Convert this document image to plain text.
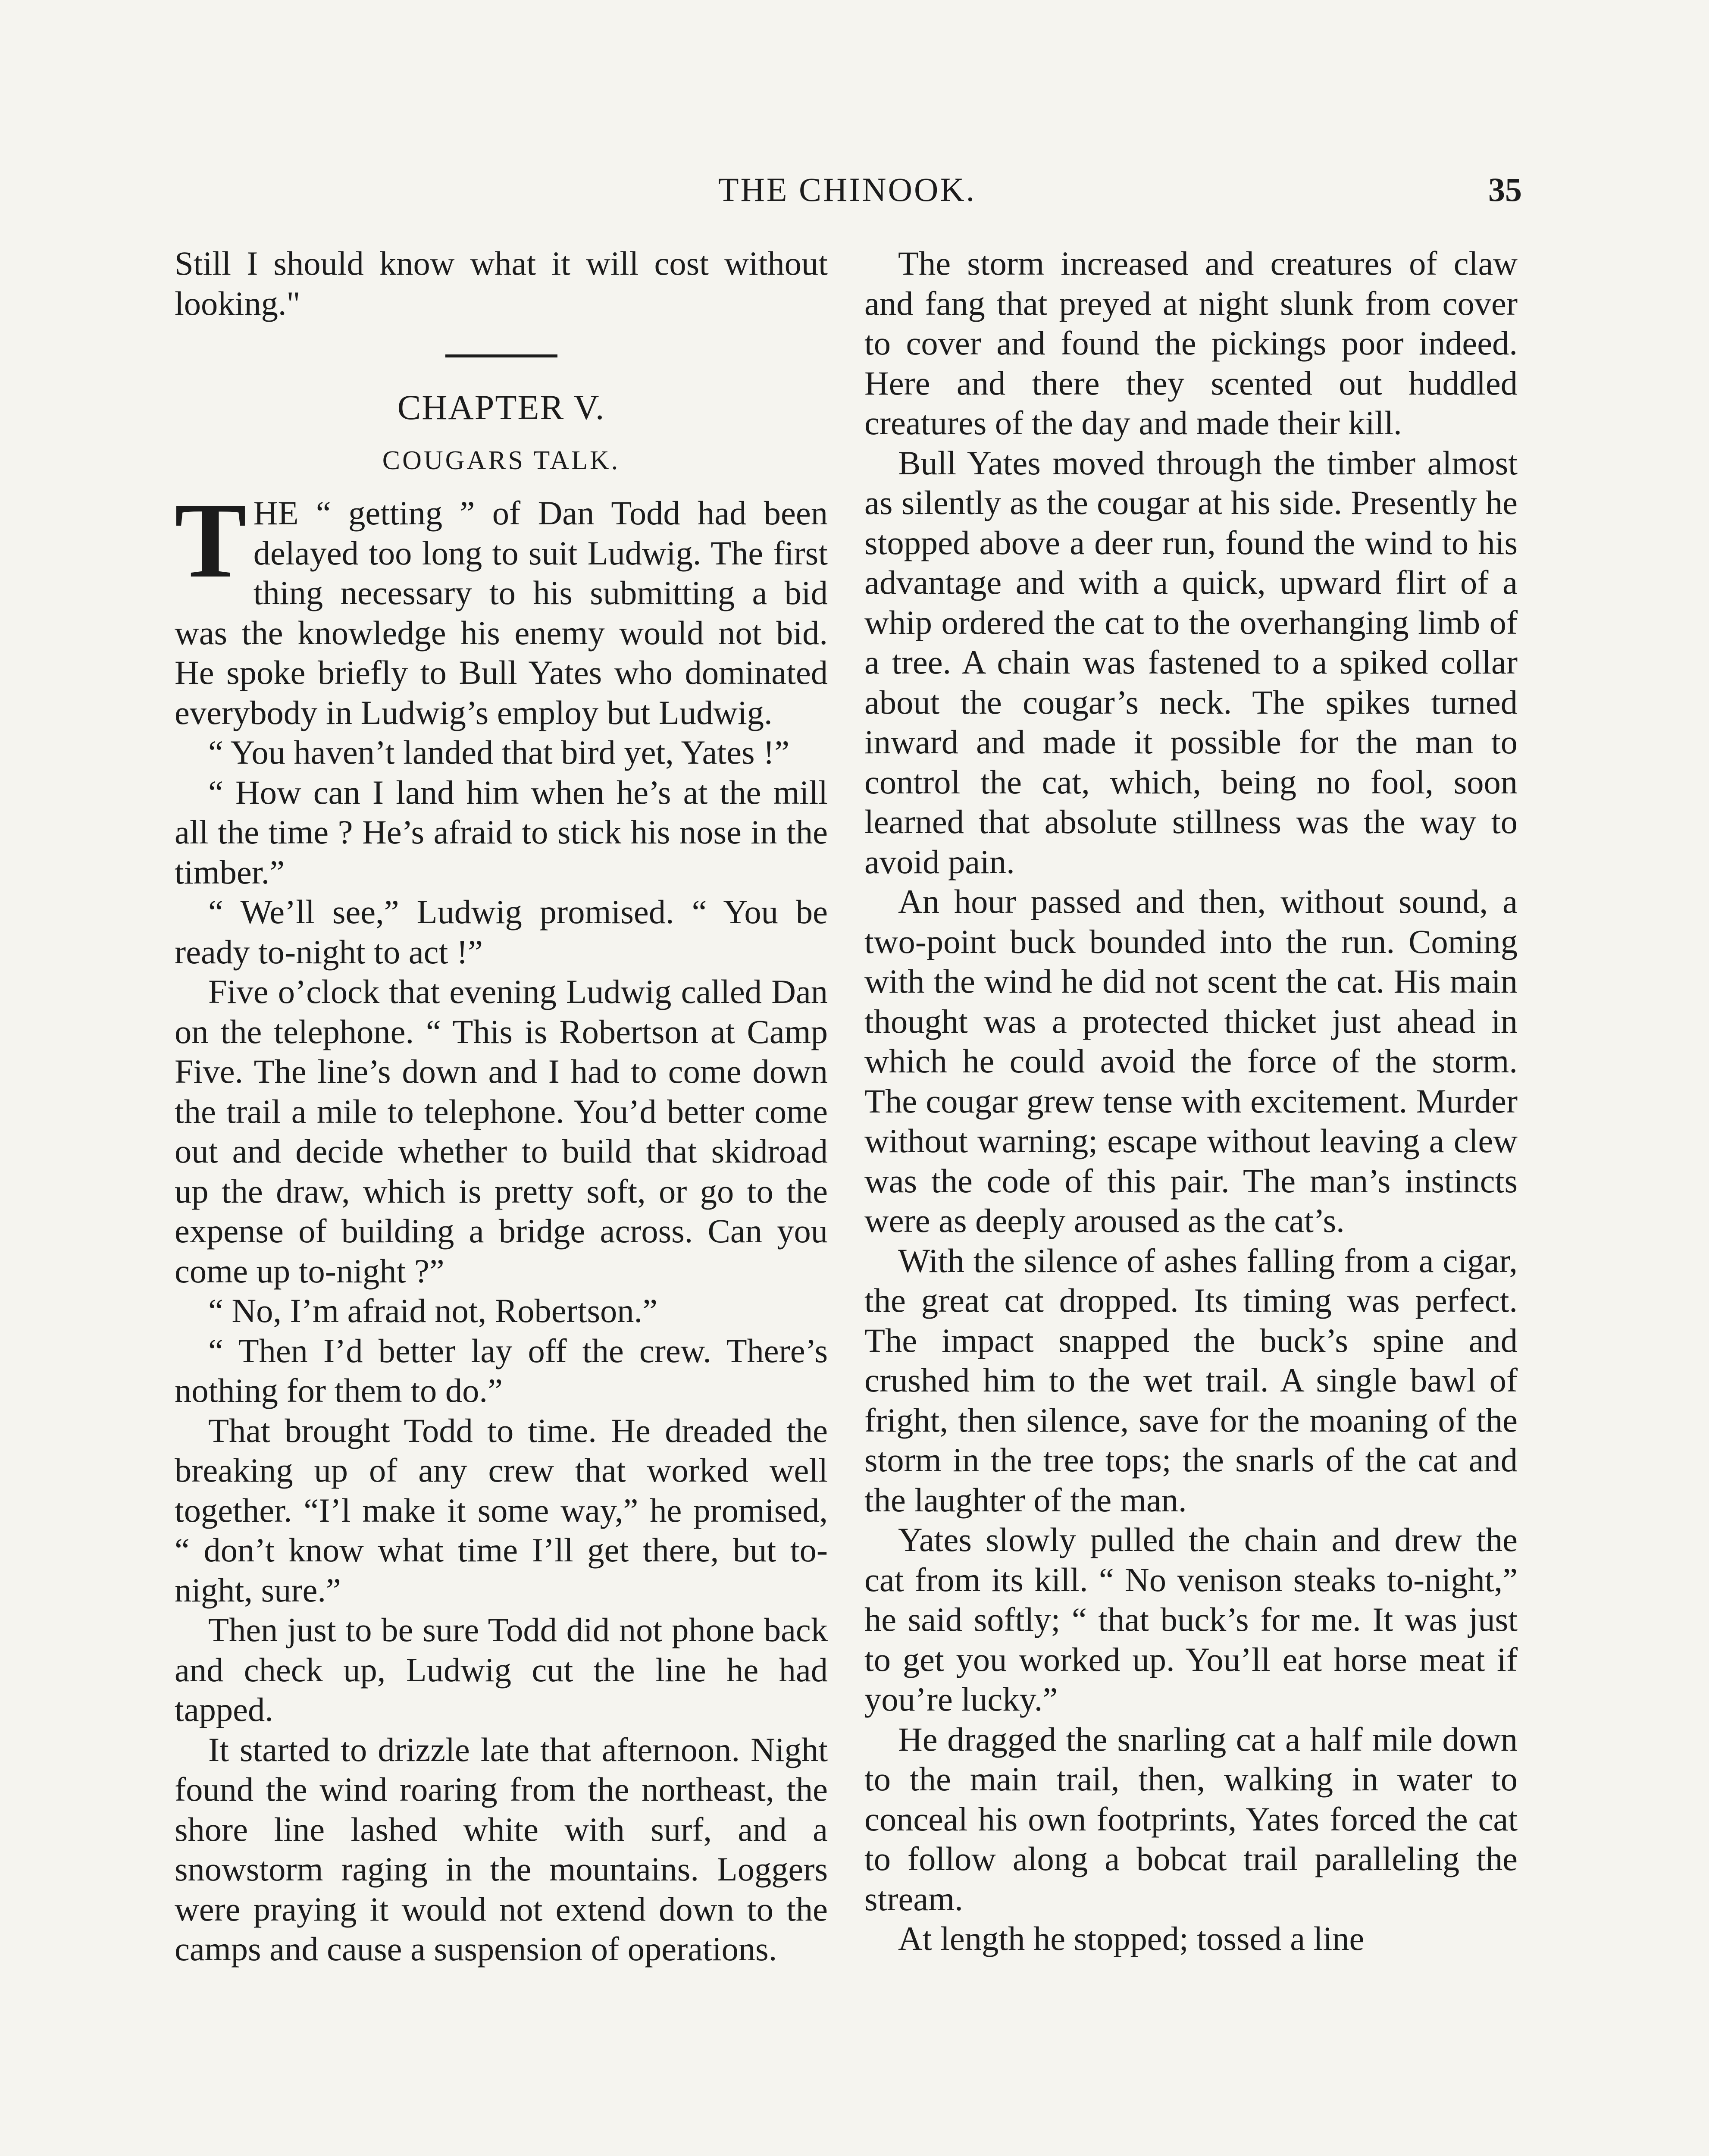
THE CHINOOK.	35

Still I should know what it will cost without looking."

CHAPTER V.
COUGARS TALK.

THE “ getting ” of Dan Todd had been delayed too long to suit Ludwig. The first thing necessary to his submitting a bid was the knowledge his enemy would not bid. He spoke briefly to Bull Yates who dominated everybody in Ludwig’s employ but Ludwig.

“ You haven’t landed that bird yet, Yates !”

“ How can I land him when he’s at the mill all the time ? He’s afraid to stick his nose in the timber.”

“ We’ll see,” Ludwig promised. “ You be ready to-night to act !”

Five o’clock that evening Ludwig called Dan on the telephone. “ This is Robertson at Camp Five. The line’s down and I had to come down the trail a mile to telephone. You’d better come out and decide whether to build that skidroad up the draw, which is pretty soft, or go to the expense of building a bridge across. Can you come up to-night ?”

“ No, I’m afraid not, Robertson.”

“ Then I’d better lay off the crew. There’s nothing for them to do.”

That brought Todd to time. He dreaded the breaking up of any crew that worked well together. “I’l make it some way,” he promised, “ don’t know what time I’ll get there, but to-night, sure.”

Then just to be sure Todd did not phone back and check up, Ludwig cut the line he had tapped.

It started to drizzle late that afternoon. Night found the wind roaring from the northeast, the shore line lashed white with surf, and a snowstorm raging in the mountains. Loggers were praying it would not extend down to the camps and cause a suspension of operations.

The storm increased and creatures of claw and fang that preyed at night slunk from cover to cover and found the pickings poor indeed. Here and there they scented out huddled creatures of the day and made their kill.

Bull Yates moved through the timber almost as silently as the cougar at his side. Presently he stopped above a deer run, found the wind to his advantage and with a quick, upward flirt of a whip ordered the cat to the overhanging limb of a tree. A chain was fastened to a spiked collar about the cougar’s neck. The spikes turned inward and made it possible for the man to control the cat, which, being no fool, soon learned that absolute stillness was the way to avoid pain.

An hour passed and then, without sound, a two-point buck bounded into the run. Coming with the wind he did not scent the cat. His main thought was a protected thicket just ahead in which he could avoid the force of the storm. The cougar grew tense with excitement. Murder without warning; escape without leaving a clew was the code of this pair. The man’s instincts were as deeply aroused as the cat’s.

With the silence of ashes falling from a cigar, the great cat dropped. Its timing was perfect. The impact snapped the buck’s spine and crushed him to the wet trail. A single bawl of fright, then silence, save for the moaning of the storm in the tree tops; the snarls of the cat and the laughter of the man.

Yates slowly pulled the chain and drew the cat from its kill. “ No venison steaks to-night,” he said softly; “ that buck’s for me. It was just to get you worked up. You’ll eat horse meat if you’re lucky.”

He dragged the snarling cat a half mile down to the main trail, then, walking in water to conceal his own footprints, Yates forced the cat to follow along a bobcat trail paralleling the stream.

At length he stopped; tossed a line
